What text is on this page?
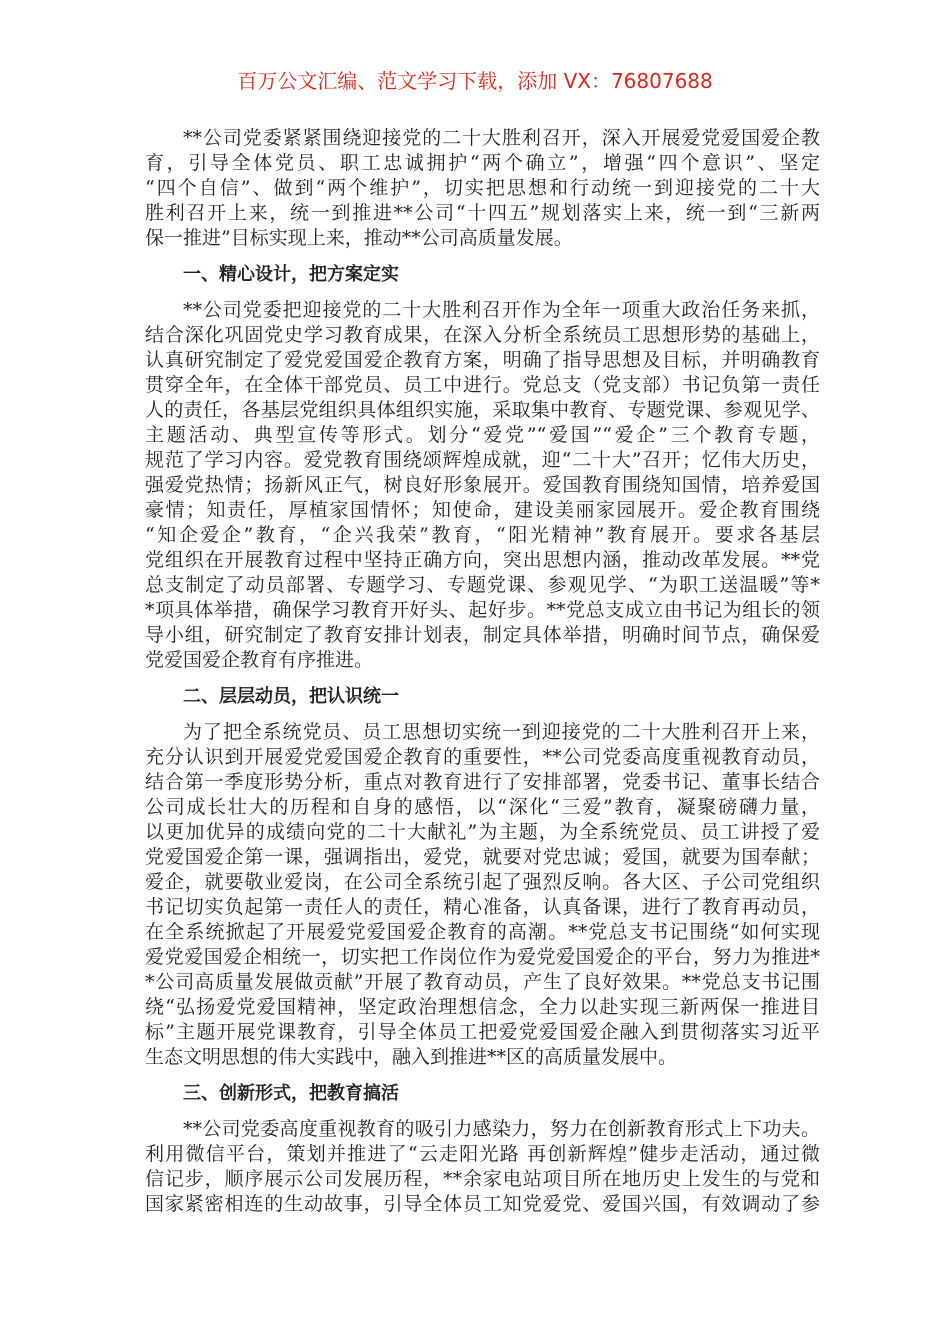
百万公文汇编、范文学习下载，添加 VX：76807688
**公司党委紧紧围绕迎接党的二十大胜利召开，深入开展爱党爱国爱企教
育，引导全体党员、职工忠诚拥护“两个确立”，增强“四个意识”、坚定
“四个自信”、做到“两个维护”，切实把思想和行动统一到迎接党的二十大
胜利召开上来，统一到推进**公司“十四五”规划落实上来，统一到“三新两
保一推进”目标实现上来，推动**公司高质量发展。
一、精心设计，把方案定实
**公司党委把迎接党的二十大胜利召开作为全年一项重大政治任务来抓，
结合深化巩固党史学习教育成果，在深入分析全系统员工思想形势的基础上，
认真研究制定了爱党爱国爱企教育方案，明确了指导思想及目标，并明确教育
贯穿全年，在全体干部党员、员工中进行。党总支（党支部）书记负第一责任
人的责任，各基层党组织具体组织实施，采取集中教育、专题党课、参观见学、
主题活动、典型宣传等形式。划分“爱党”“爱国”“爱企”三个教育专题，
规范了学习内容。爱党教育围绕颂辉煌成就，迎“二十大”召开；忆伟大历史，
强爱党热情；扬新风正气，树良好形象展开。爱国教育围绕知国情，培养爱国
豪情；知责任，厚植家国情怀；知使命，建设美丽家园展开。爱企教育围绕
“知企爱企”教育，“企兴我荣”教育，“阳光精神”教育展开。要求各基层
党组织在开展教育过程中坚持正确方向，突出思想内涵，推动改革发展。**党
总支制定了动员部署、专题学习、专题党课、参观见学、“为职工送温暖”等*
*项具体举措，确保学习教育开好头、起好步。**党总支成立由书记为组长的领
导小组，研究制定了教育安排计划表，制定具体举措，明确时间节点，确保爱
党爱国爱企教育有序推进。
二、层层动员，把认识统一
为了把全系统党员、员工思想切实统一到迎接党的二十大胜利召开上来，
充分认识到开展爱党爱国爱企教育的重要性，**公司党委高度重视教育动员，
结合第一季度形势分析，重点对教育进行了安排部署，党委书记、董事长结合
公司成长壮大的历程和自身的感悟，以“深化“三爱”教育，凝聚磅礴力量，
以更加优异的成绩向党的二十大献礼”为主题，为全系统党员、员工讲授了爱
党爱国爱企第一课，强调指出，爱党，就要对党忠诚；爱国，就要为国奉献；
爱企，就要敬业爱岗，在公司全系统引起了强烈反响。各大区、子公司党组织
书记切实负起第一责任人的责任，精心准备，认真备课，进行了教育再动员，
在全系统掀起了开展爱党爱国爱企教育的高潮。**党总支书记围绕“如何实现
爱党爱国爱企相统一，切实把工作岗位作为爱党爱国爱企的平台，努力为推进*
*公司高质量发展做贡献”开展了教育动员，产生了良好效果。**党总支书记围
绕“弘扬爱党爱国精神，坚定政治理想信念，全力以赴实现三新两保一推进目
标”主题开展党课教育，引导全体员工把爱党爱国爱企融入到贯彻落实习近平
生态文明思想的伟大实践中，融入到推进**区的高质量发展中。
三、创新形式，把教育搞活
**公司党委高度重视教育的吸引力感染力，努力在创新教育形式上下功夫。
利用微信平台，策划并推进了“云走阳光路 再创新辉煌”健步走活动，通过微
信记步，顺序展示公司发展历程，**余家电站项目所在地历史上发生的与党和
国家紧密相连的生动故事，引导全体员工知党爱党、爱国兴国，有效调动了参
